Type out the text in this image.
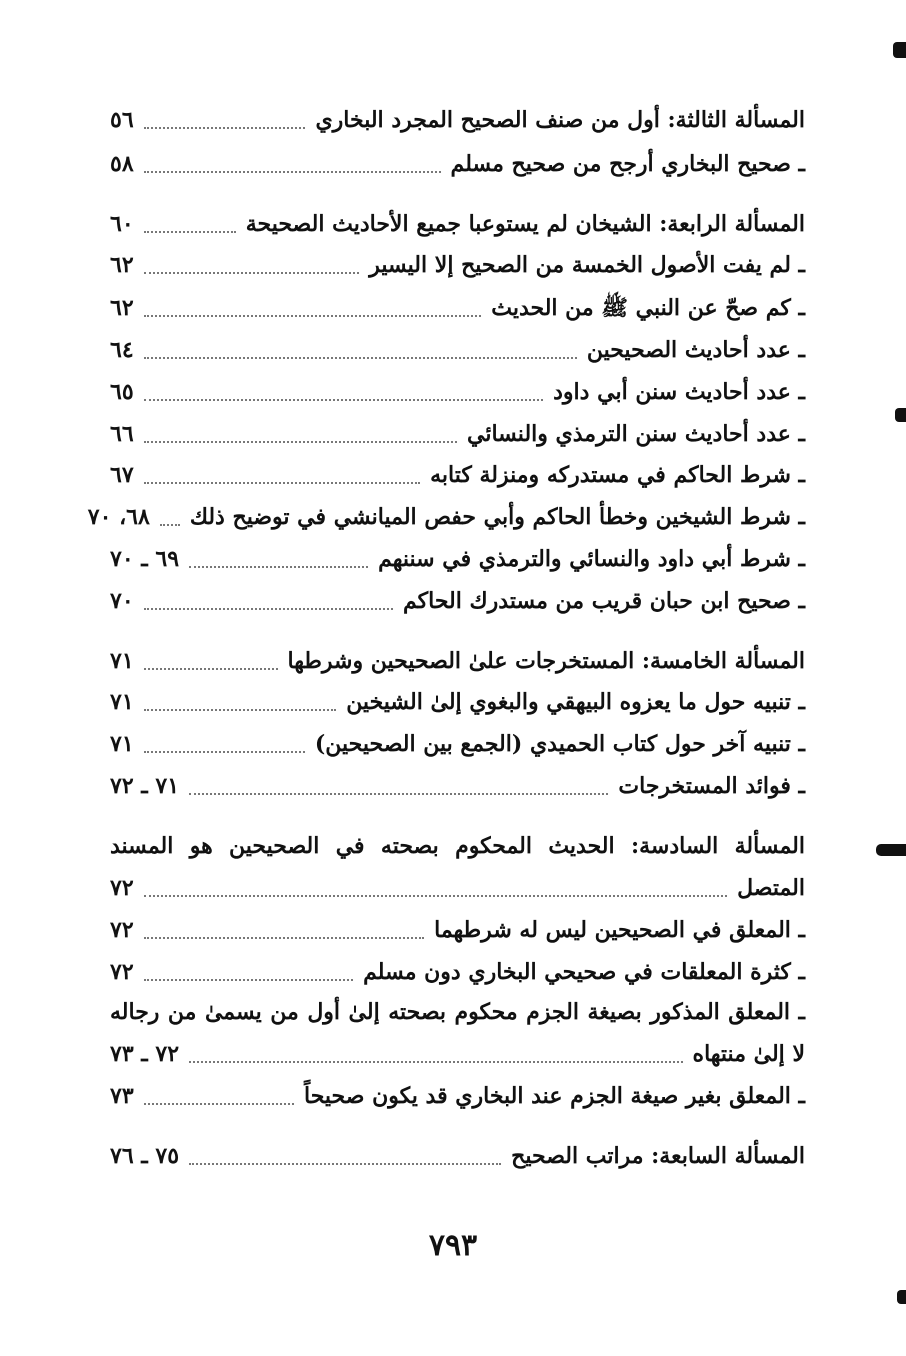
المسألة الثالثة: أول من صنف الصحيح المجرد البخاري
٥٦
ـ صحيح البخاري أرجح من صحيح مسلم
٥٨
المسألة الرابعة: الشيخان لم يستوعبا جميع الأحاديث الصحيحة
٦٠
ـ لم يفت الأصول الخمسة من الصحيح إلا اليسير
٦٢
ـ كم صحّ عن النبي ﷺ من الحديث
٦٢
ـ عدد أحاديث الصحيحين
٦٤
ـ عدد أحاديث سنن أبي داود
٦٥
ـ عدد أحاديث سنن الترمذي والنسائي
٦٦
ـ شرط الحاكم في مستدركه ومنزلة كتابه
٦٧
ـ شرط الشيخين وخطأ الحاكم وأبي حفص الميانشي في توضيح ذلك
٦٨، ٧٠
ـ شرط أبي داود والنسائي والترمذي في سننهم
٦٩ ـ ٧٠
ـ صحيح ابن حبان قريب من مستدرك الحاكم
٧٠
المسألة الخامسة: المستخرجات علىٰ الصحيحين وشرطها
٧١
ـ تنبيه حول ما يعزوه البيهقي والبغوي إلىٰ الشيخين
٧١
ـ تنبيه آخر حول كتاب الحميدي (الجمع بين الصحيحين)
٧١
ـ فوائد المستخرجات
٧١ ـ ٧٢
المسألة السادسة: الحديث المحكوم بصحته في الصحيحين هو المسند
المتصل
٧٢
ـ المعلق في الصحيحين ليس له شرطهما
٧٢
ـ كثرة المعلقات في صحيحي البخاري دون مسلم
٧٢
ـ المعلق المذكور بصيغة الجزم محكوم بصحته إلىٰ أول من يسمىٰ من رجاله
لا إلىٰ منتهاه
٧٢ ـ ٧٣
ـ المعلق بغير صيغة الجزم عند البخاري قد يكون صحيحاً
٧٣
المسألة السابعة: مراتب الصحيح
٧٥ ـ ٧٦
٧٩٣
